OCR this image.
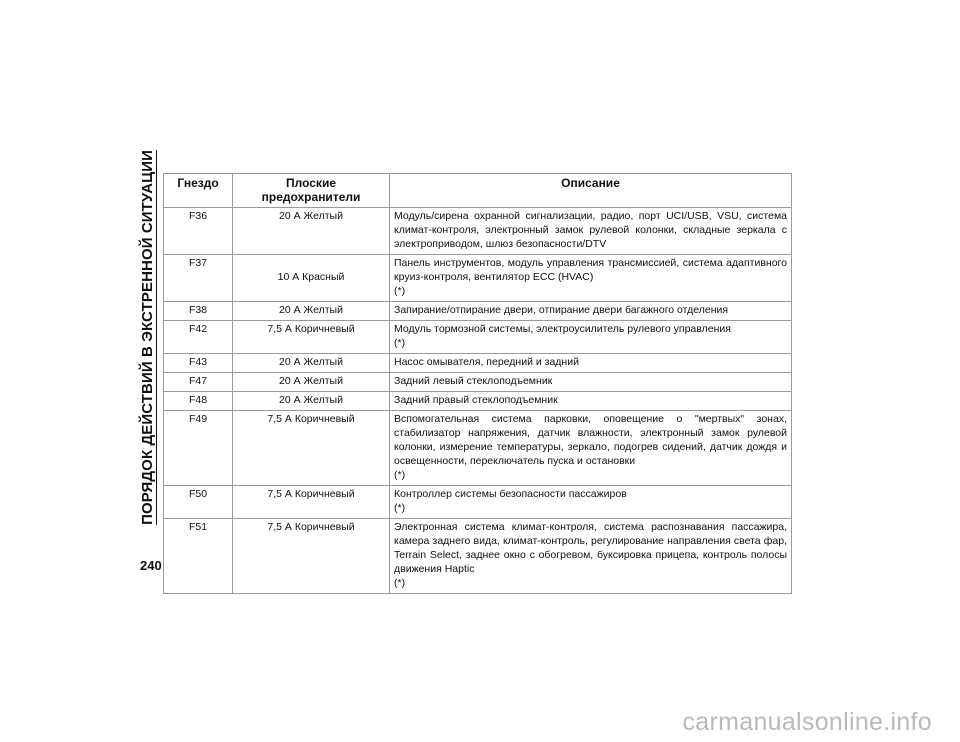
ПОРЯДОК ДЕЙСТВИЙ В ЭКСТРЕННОЙ СИТУАЦИИ Гнездо	Плоские предохранители	Описание
F36	20 А Желтый	Модуль/сирена охранной сигнализации, радио, порт UCI/USB, VSU, система климат-контроля, электронный замок рулевой колонки, складные зеркала с электроприводом, шлюз безопасности/DTV

F37	10 А Красный	Панель инструментов, модуль управления трансмиссией, система адаптивного круиз-контроля, вентилятор ECC (HVAC)
(*)

F38	20 А Желтый	Запирание/отпирание двери, отпирание двери багажного отделения

F42	7,5 А Коричневый	Модуль тормозной системы, электроусилитель рулевого управления
(*)

F43	20 А Желтый	Насос омывателя, передний и задний

F47	20 А Желтый	Задний левый стеклоподъемник

F48	20 А Желтый	Задний правый стеклоподъемник

F49	7,5 А Коричневый	Вспомогательная система парковки, оповещение о "мертвых" зонах, стабилизатор напряжения, датчик влажности, электронный замок рулевой колонки, измерение температуры, зеркало, подогрев сидений, датчик дождя и освещенности, переключатель пуска и остановки
(*)

F50	7,5 А Коричневый	Контроллер системы безопасности пассажиров
(*)

F51	7,5 А Коричневый	Электронная система климат-контроля, система распознавания пассажира, камера заднего вида, климат-контроль, регулирование направления света фар, Terrain Select, заднее окно с обогревом, буксировка прицепа, контроль полосы движения Haptic
(*)
240
carmanualsonline.info
